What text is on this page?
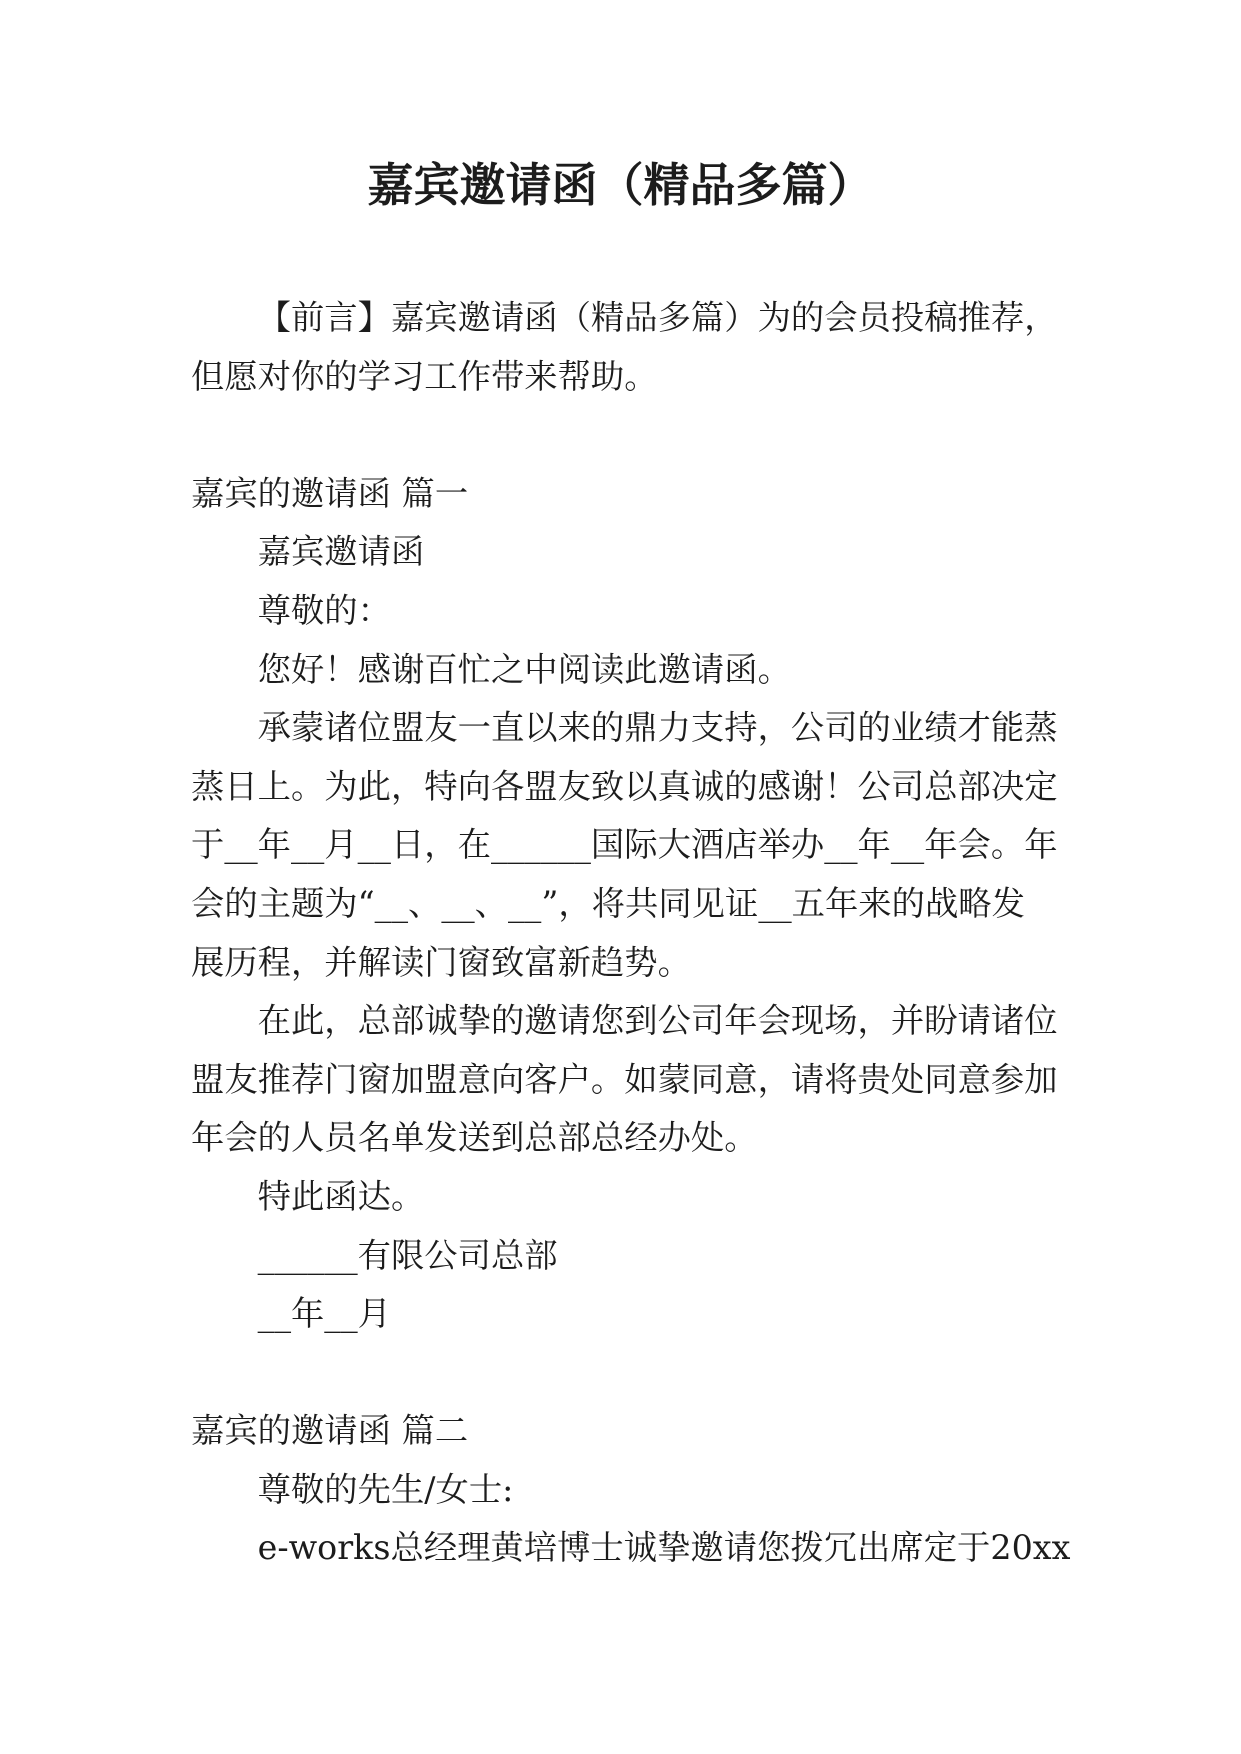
嘉宾邀请函（精品多篇）
【前言】嘉宾邀请函（精品多篇）为的会员投稿推荐，
但愿对你的学习工作带来帮助。
嘉宾的邀请函 篇一
嘉宾邀请函
尊敬的：
您好！感谢百忙之中阅读此邀请函。
承蒙诸位盟友一直以来的鼎力支持，公司的业绩才能蒸
蒸日上。为此，特向各盟友致以真诚的感谢！公司总部决定
于__年__月__日，在______国际大酒店举办__年__年会。年
会的主题为“__、__、__”，将共同见证__五年来的战略发
展历程，并解读门窗致富新趋势。
在此，总部诚挚的邀请您到公司年会现场，并盼请诸位
盟友推荐门窗加盟意向客户。如蒙同意，请将贵处同意参加
年会的人员名单发送到总部总经办处。
特此函达。
______有限公司总部
__年__月
嘉宾的邀请函 篇二
尊敬的先生/女士:
e-works总经理黄培博士诚挚邀请您拨冗出席定于20xx
